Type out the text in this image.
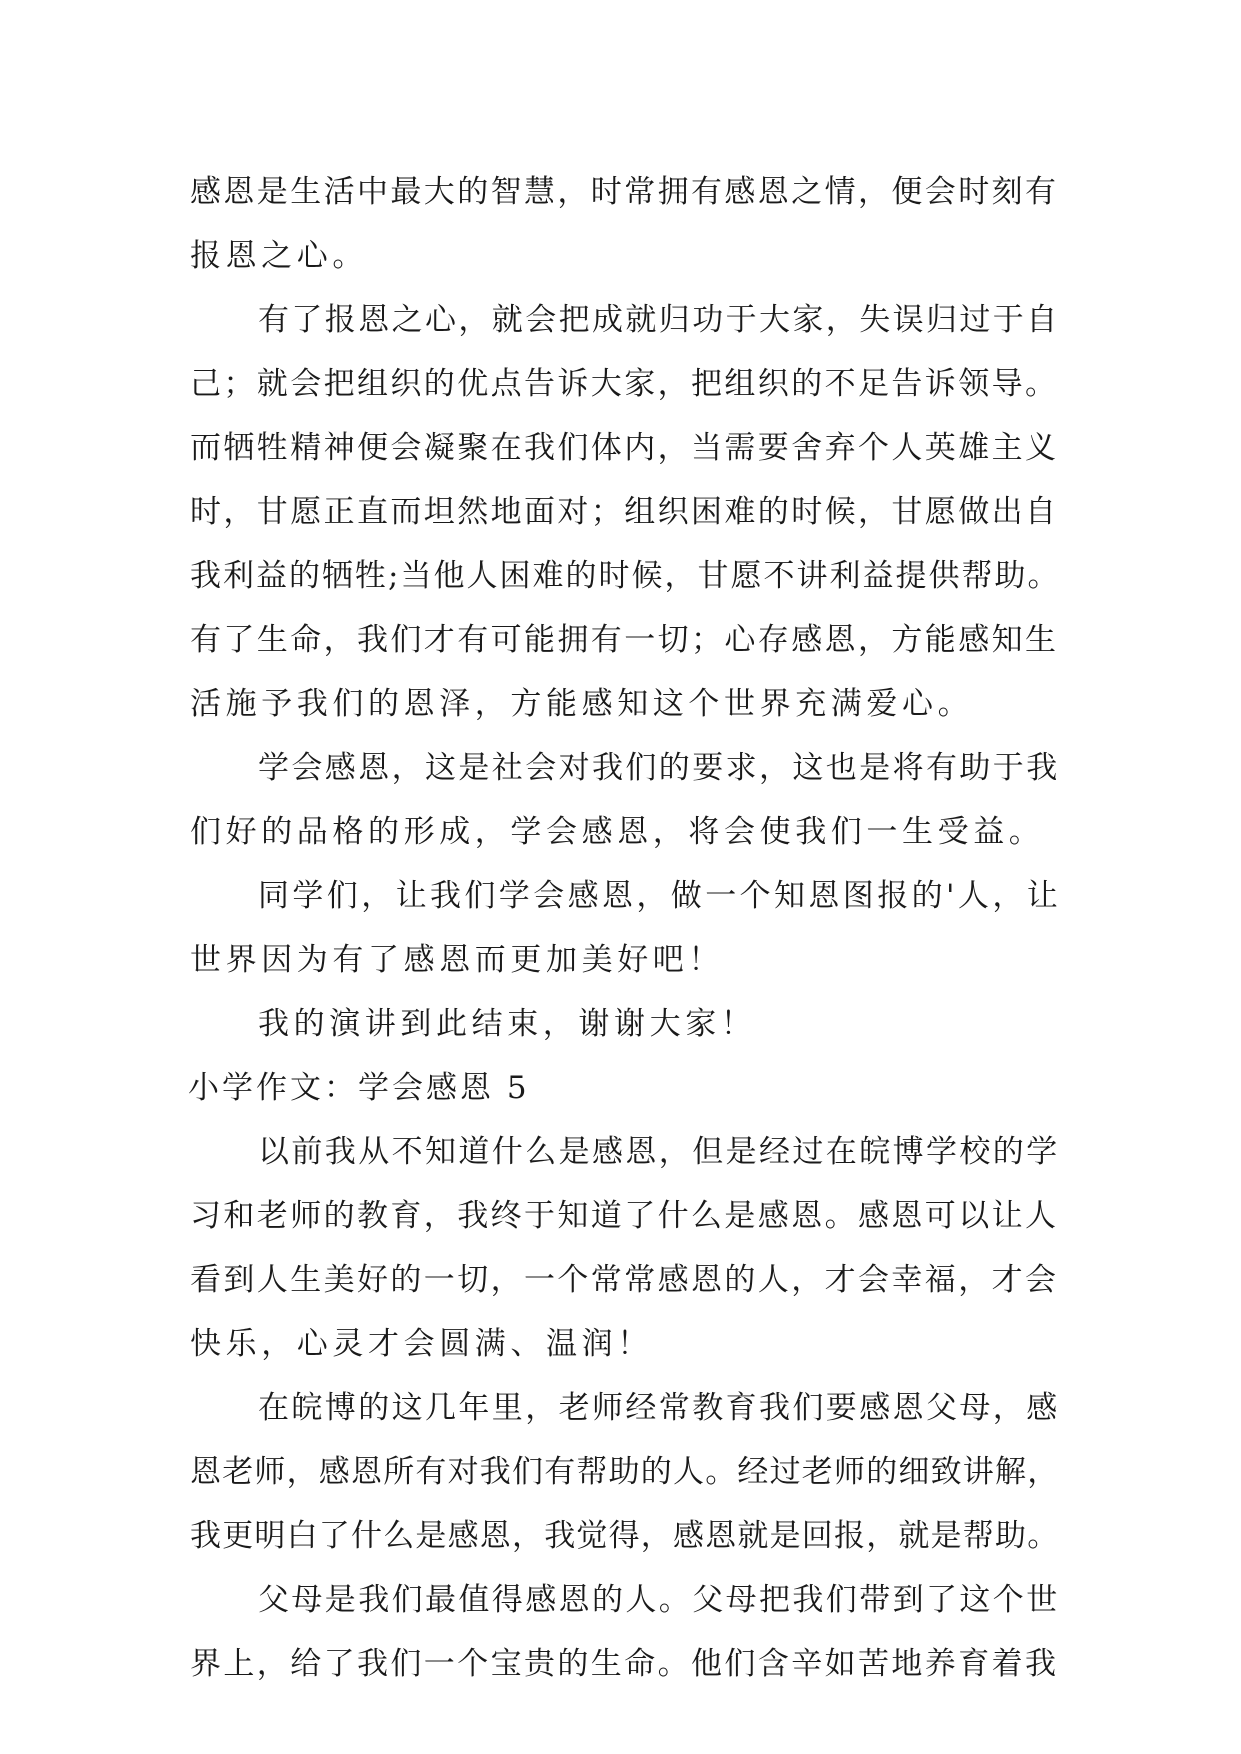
感恩是生活中最大的智慧，时常拥有感恩之情，便会时刻有
报恩之心。
有了报恩之心，就会把成就归功于大家，失误归过于自
己；就会把组织的优点告诉大家，把组织的不足告诉领导。
而牺牲精神便会凝聚在我们体内，当需要舍弃个人英雄主义
时，甘愿正直而坦然地面对；组织困难的时候，甘愿做出自
我利益的牺牲;当他人困难的时候，甘愿不讲利益提供帮助。
有了生命，我们才有可能拥有一切；心存感恩，方能感知生
活施予我们的恩泽，方能感知这个世界充满爱心。
学会感恩，这是社会对我们的要求，这也是将有助于我
们好的品格的形成，学会感恩，将会使我们一生受益。
同学们，让我们学会感恩，做一个知恩图报的'人，让
世界因为有了感恩而更加美好吧！
我的演讲到此结束，谢谢大家！
小学作文：学会感恩 5
以前我从不知道什么是感恩，但是经过在皖博学校的学
习和老师的教育，我终于知道了什么是感恩。感恩可以让人
看到人生美好的一切，一个常常感恩的人，才会幸福，才会
快乐，心灵才会圆满、温润！
在皖博的这几年里，老师经常教育我们要感恩父母，感
恩老师，感恩所有对我们有帮助的人。经过老师的细致讲解，
我更明白了什么是感恩，我觉得，感恩就是回报，就是帮助。
父母是我们最值得感恩的人。父母把我们带到了这个世
界上，给了我们一个宝贵的生命。他们含辛如苦地养育着我
